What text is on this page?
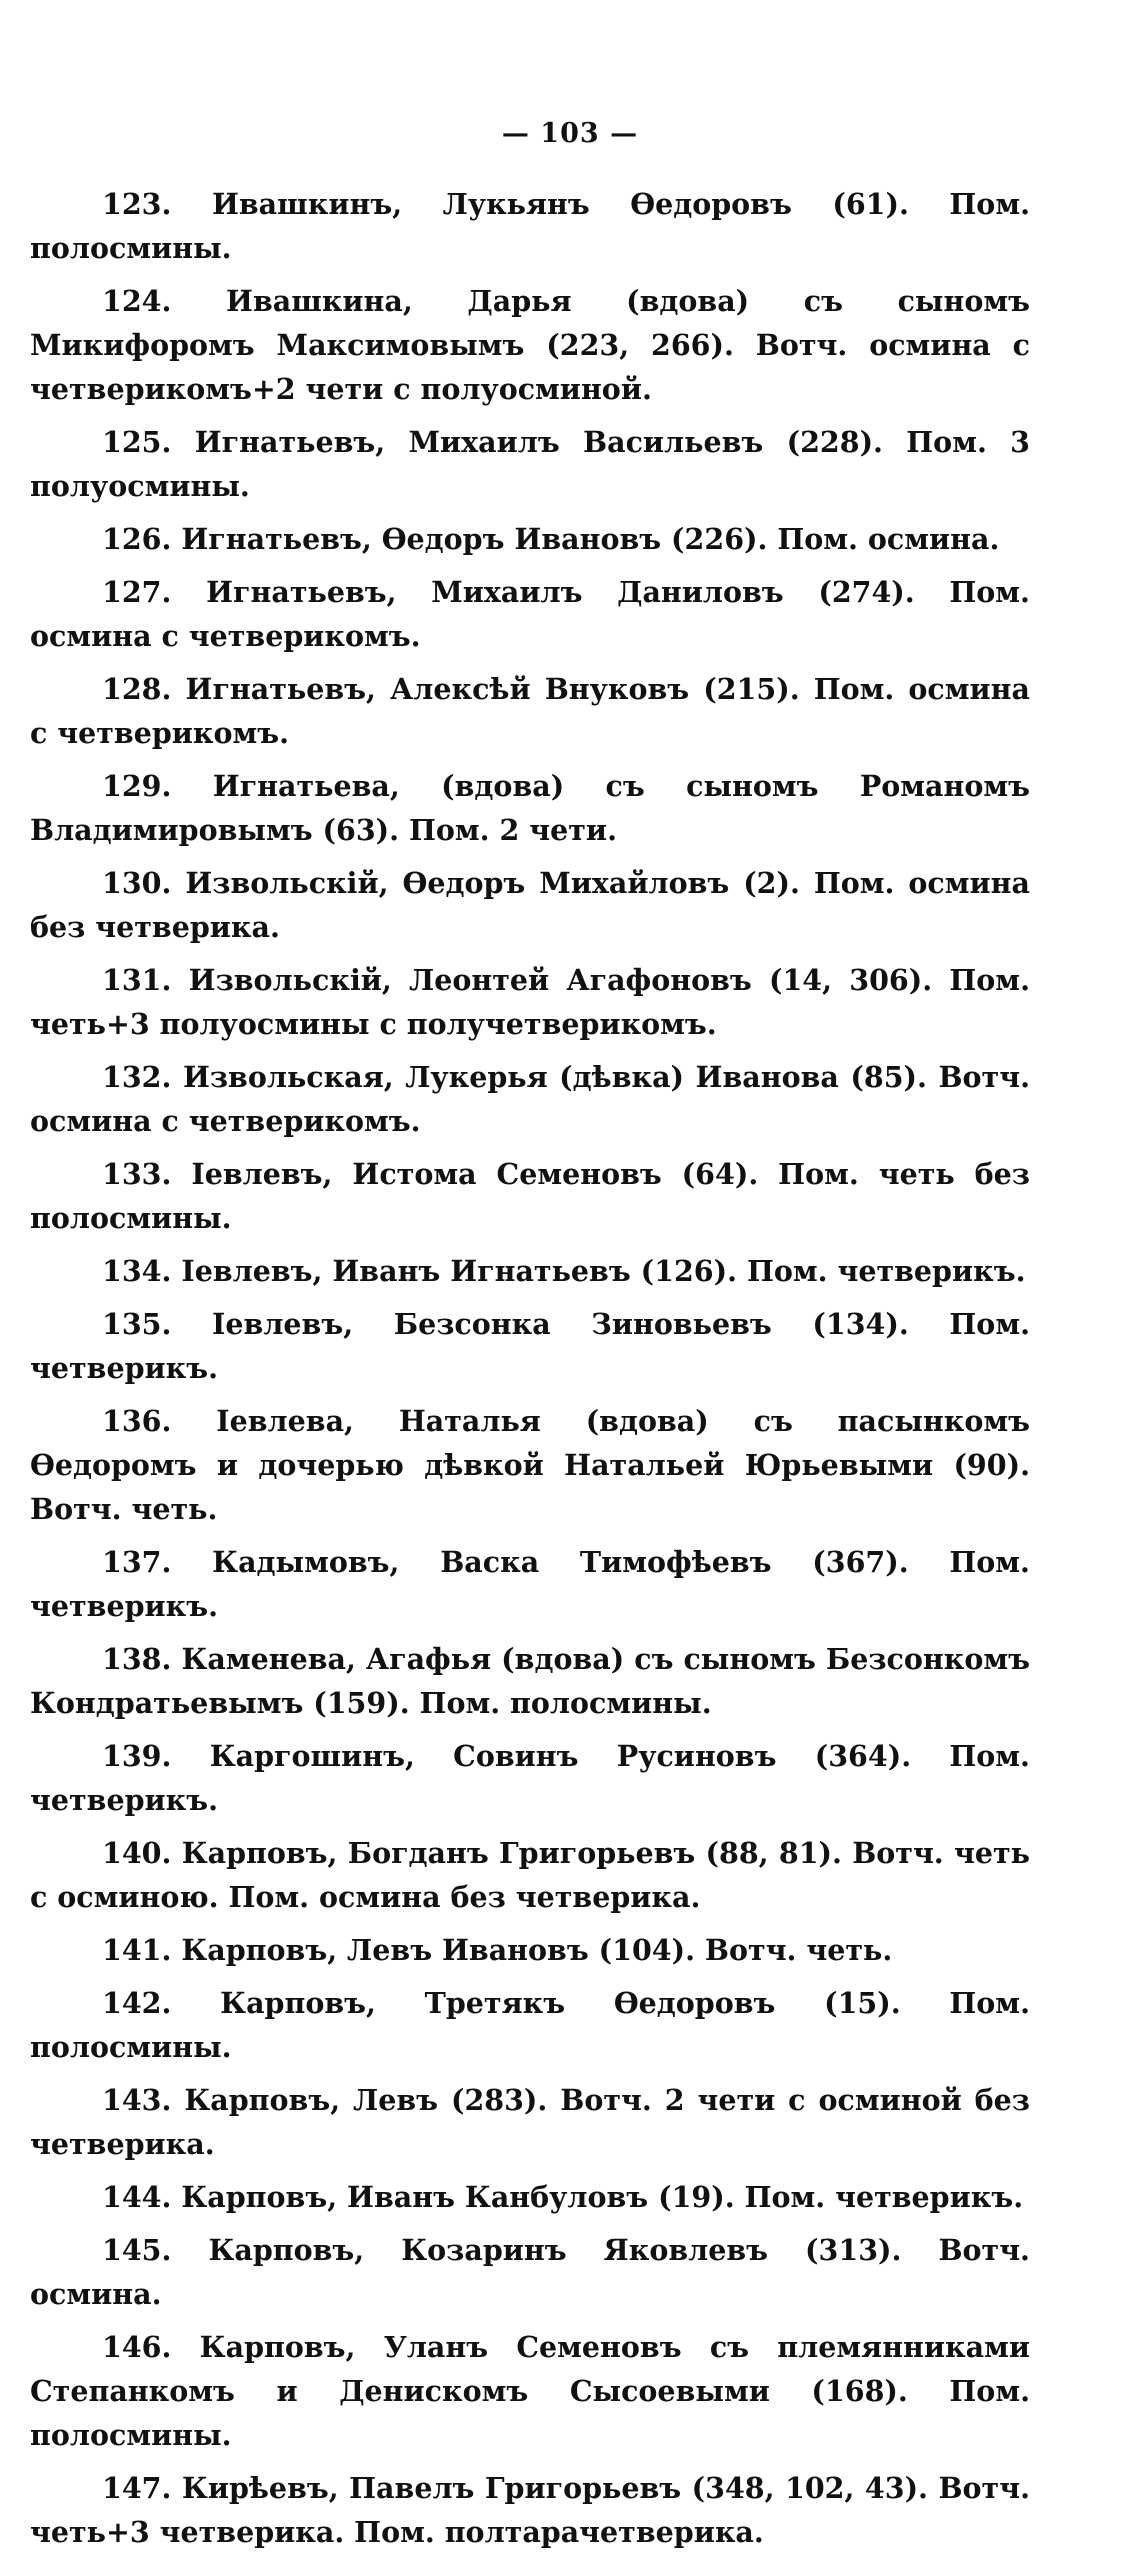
— 103 —
123. Ивашкинъ, Лукьянъ Ѳедоровъ (61). Пом. полосмины.
124. Ивашкина, Дарья (вдова) съ сыномъ Микифоромъ Максимовымъ (223, 266). Вотч. осмина с четверикомъ+2 чети с полуосминой.
125. Игнатьевъ, Михаилъ Васильевъ (228). Пом. 3 полуосмины.
126. Игнатьевъ, Ѳедоръ Ивановъ (226). Пом. осмина.
127. Игнатьевъ, Михаилъ Даниловъ (274). Пом. осмина с четверикомъ.
128. Игнатьевъ, Алексѣй Внуковъ (215). Пом. осмина с четверикомъ.
129. Игнатьева, (вдова) съ сыномъ Романомъ Владимировымъ (63). Пом. 2 чети.
130. Извольскій, Ѳедоръ Михайловъ (2). Пом. осмина без четверика.
131. Извольскій, Леонтей Агафоновъ (14, 306). Пом. четь+3 полуосмины с получетверикомъ.
132. Извольская, Лукерья (дѣвка) Иванова (85). Вотч. осмина с четверикомъ.
133. Іевлевъ, Истома Семеновъ (64). Пом. четь без полосмины.
134. Іевлевъ, Иванъ Игнатьевъ (126). Пом. четверикъ.
135. Іевлевъ, Безсонка Зиновьевъ (134). Пом. четверикъ.
136. Іевлева, Наталья (вдова) съ пасынкомъ Ѳедоромъ и дочерью дѣвкой Натальей Юрьевыми (90). Вотч. четь.
137. Кадымовъ, Васка Тимофѣевъ (367). Пом. четверикъ.
138. Каменева, Агафья (вдова) съ сыномъ Безсонкомъ Кондратьевымъ (159). Пом. полосмины.
139. Каргошинъ, Совинъ Русиновъ (364). Пом. четверикъ.
140. Карповъ, Богданъ Григорьевъ (88, 81). Вотч. четь с осминою. Пом. осмина без четверика.
141. Карповъ, Левъ Ивановъ (104). Вотч. четь.
142. Карповъ, Третякъ Ѳедоровъ (15). Пом. полосмины.
143. Карповъ, Левъ (283). Вотч. 2 чети с осминой без четверика.
144. Карповъ, Иванъ Канбуловъ (19). Пом. четверикъ.
145. Карповъ, Козаринъ Яковлевъ (313). Вотч. осмина.
146. Карповъ, Уланъ Семеновъ съ племянниками Степанкомъ и Денискомъ Сысоевыми (168). Пом. полосмины.
147. Кирѣевъ, Павелъ Григорьевъ (348, 102, 43). Вотч. четь+3 четверика. Пом. полтарачетверика.
